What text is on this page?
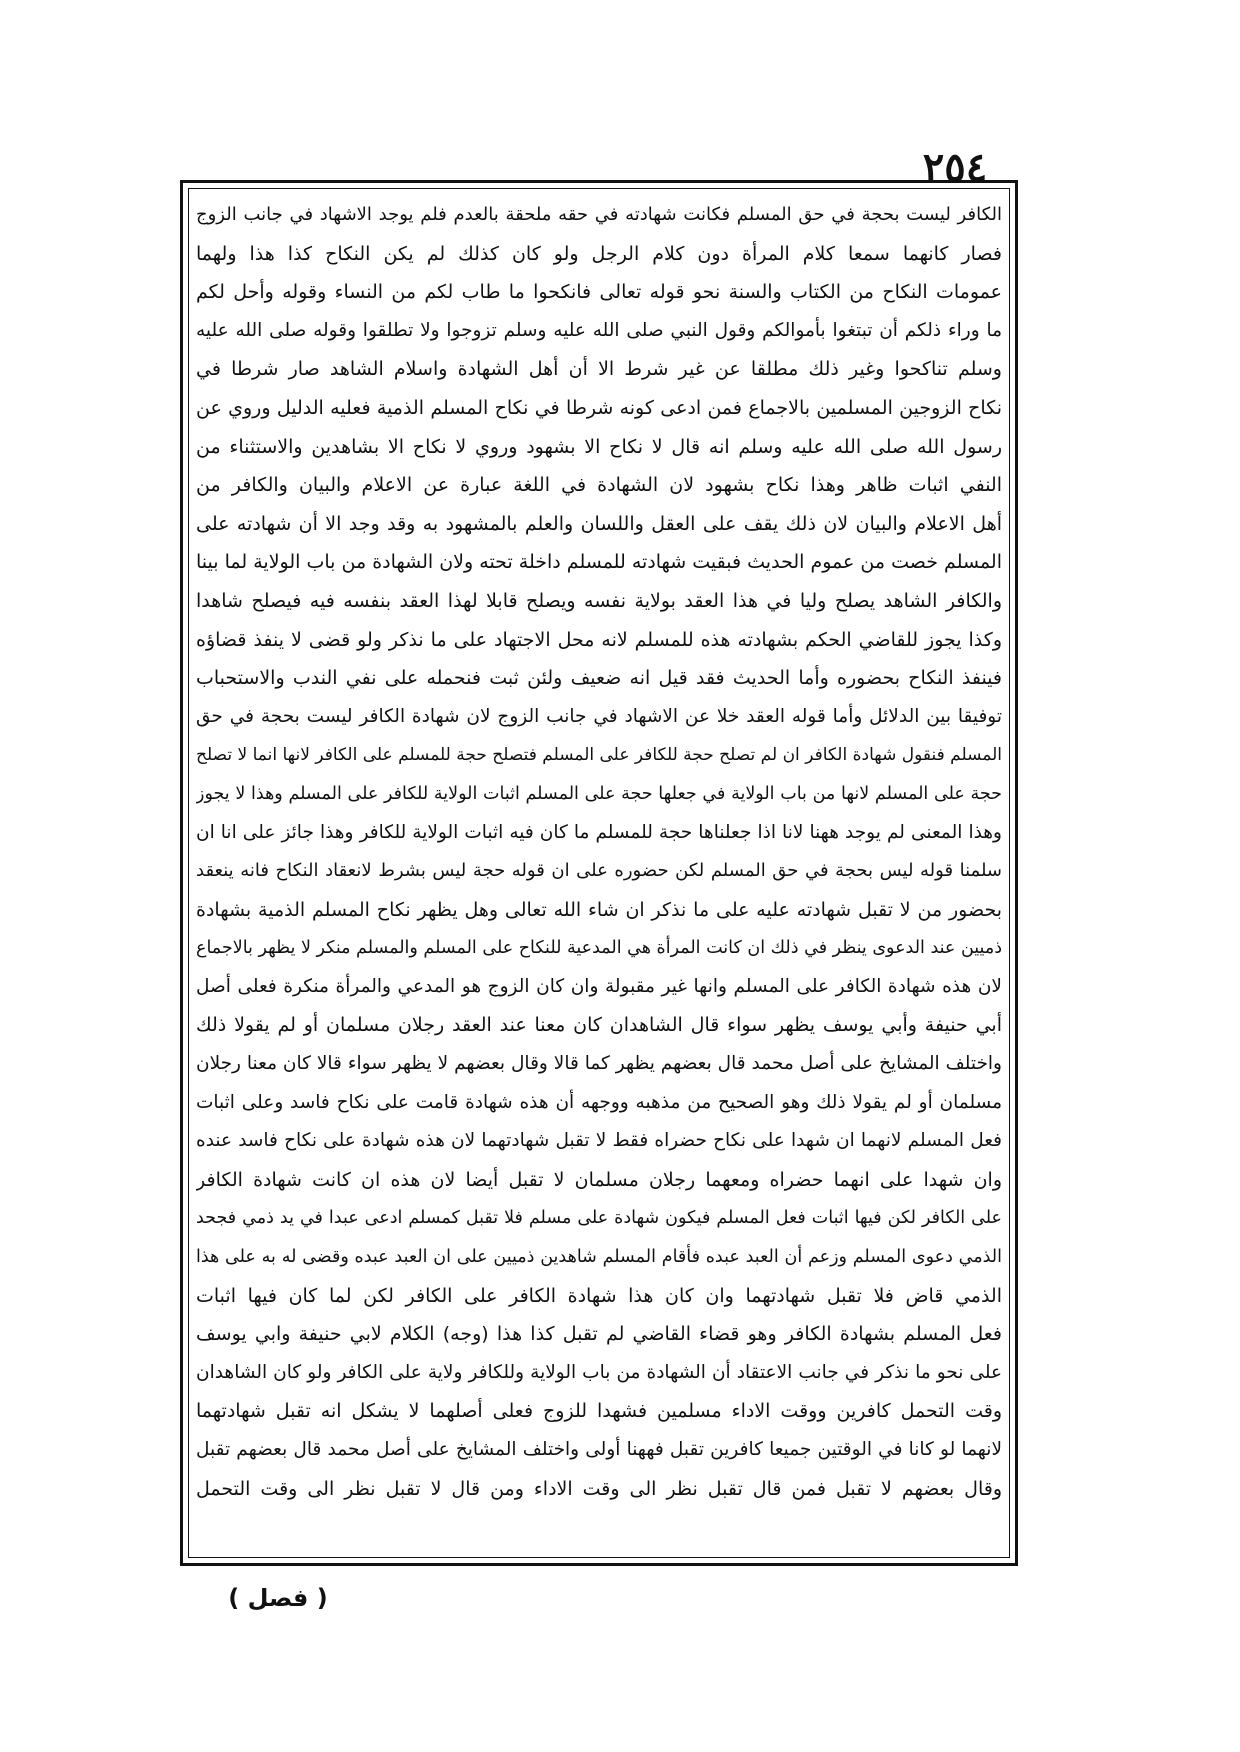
٢٥٤
الكافر ليست بحجة في حق المسلم فكانت شهادته في حقه ملحقة بالعدم فلم يوجد الاشهاد في جانب الزوج
فصار كانهما سمعا كلام المرأة دون كلام الرجل ولو كان كذلك لم يكن النكاح كذا هذا ولهما
عمومات النكاح من الكتاب والسنة نحو قوله تعالى فانكحوا ما طاب لكم من النساء وقوله وأحل لكم
ما وراء ذلكم أن تبتغوا بأموالكم وقول النبي صلى الله عليه وسلم تزوجوا ولا تطلقوا وقوله صلى الله عليه
وسلم تناكحوا وغير ذلك مطلقا عن غير شرط الا أن أهل الشهادة واسلام الشاهد صار شرطا في
نكاح الزوجين المسلمين بالاجماع فمن ادعى كونه شرطا في نكاح المسلم الذمية فعليه الدليل وروي عن
رسول الله صلى الله عليه وسلم انه قال لا نكاح الا بشهود وروي لا نكاح الا بشاهدين والاستثناء من
النفي اثبات ظاهر وهذا نكاح بشهود لان الشهادة في اللغة عبارة عن الاعلام والبيان والكافر من
أهل الاعلام والبيان لان ذلك يقف على العقل واللسان والعلم بالمشهود به وقد وجد الا أن شهادته على
المسلم خصت من عموم الحديث فبقيت شهادته للمسلم داخلة تحته ولان الشهادة من باب الولاية لما بينا
والكافر الشاهد يصلح وليا في هذا العقد بولاية نفسه ويصلح قابلا لهذا العقد بنفسه فيه فيصلح شاهدا
وكذا يجوز للقاضي الحكم بشهادته هذه للمسلم لانه محل الاجتهاد على ما نذكر ولو قضى لا ينفذ قضاؤه
فينفذ النكاح بحضوره وأما الحديث فقد قيل انه ضعيف ولئن ثبت فنحمله على نفي الندب والاستحباب
توفيقا بين الدلائل وأما قوله العقد خلا عن الاشهاد في جانب الزوج لان شهادة الكافر ليست بحجة في حق
المسلم فنقول شهادة الكافر ان لم تصلح حجة للكافر على المسلم فتصلح حجة للمسلم على الكافر لانها انما لا تصلح
حجة على المسلم لانها من باب الولاية في جعلها حجة على المسلم اثبات الولاية للكافر على المسلم وهذا لا يجوز
وهذا المعنى لم يوجد ههنا لانا اذا جعلناها حجة للمسلم ما كان فيه اثبات الولاية للكافر وهذا جائز على انا ان
سلمنا قوله ليس بحجة في حق المسلم لكن حضوره على ان قوله حجة ليس بشرط لانعقاد النكاح فانه ينعقد
بحضور من لا تقبل شهادته عليه على ما نذكر ان شاء الله تعالى وهل يظهر نكاح المسلم الذمية بشهادة
ذميين عند الدعوى ينظر في ذلك ان كانت المرأة هي المدعية للنكاح على المسلم والمسلم منكر لا يظهر بالاجماع
لان هذه شهادة الكافر على المسلم وانها غير مقبولة وان كان الزوج هو المدعي والمرأة منكرة فعلى أصل
أبي حنيفة وأبي يوسف يظهر سواء قال الشاهدان كان معنا عند العقد رجلان مسلمان أو لم يقولا ذلك
واختلف المشايخ على أصل محمد قال بعضهم يظهر كما قالا وقال بعضهم لا يظهر سواء قالا كان معنا رجلان
مسلمان أو لم يقولا ذلك وهو الصحيح من مذهبه ووجهه أن هذه شهادة قامت على نكاح فاسد وعلى اثبات
فعل المسلم لانهما ان شهدا على نكاح حضراه فقط لا تقبل شهادتهما لان هذه شهادة على نكاح فاسد عنده
وان شهدا على انهما حضراه ومعهما رجلان مسلمان لا تقبل أيضا لان هذه ان كانت شهادة الكافر
على الكافر لكن فيها اثبات فعل المسلم فيكون شهادة على مسلم فلا تقبل كمسلم ادعى عبدا في يد ذمي فجحد
الذمي دعوى المسلم وزعم أن العبد عبده فأقام المسلم شاهدين ذميين على ان العبد عبده وقضى له به على هذا
الذمي قاض فلا تقبل شهادتهما وان كان هذا شهادة الكافر على الكافر لكن لما كان فيها اثبات
فعل المسلم بشهادة الكافر وهو قضاء القاضي لم تقبل كذا هذا (وجه) الكلام لابي حنيفة وابي يوسف
على نحو ما نذكر في جانب الاعتقاد أن الشهادة من باب الولاية وللكافر ولاية على الكافر ولو كان الشاهدان
وقت التحمل كافرين ووقت الاداء مسلمين فشهدا للزوج فعلى أصلهما لا يشكل انه تقبل شهادتهما
لانهما لو كانا في الوقتين جميعا كافرين تقبل فههنا أولى واختلف المشايخ على أصل محمد قال بعضهم تقبل
وقال بعضهم لا تقبل فمن قال تقبل نظر الى وقت الاداء ومن قال لا تقبل نظر الى وقت التحمل
( فصل )
